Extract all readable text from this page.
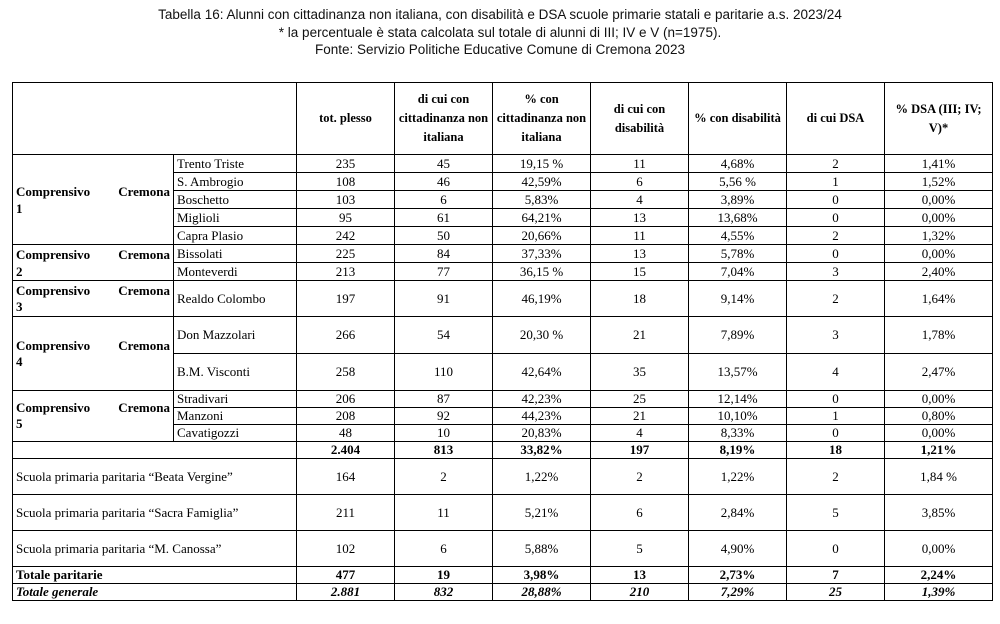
Tabella 16: Alunni con cittadinanza non italiana, con disabilità e DSA scuole primarie statali e paritarie a.s. 2023/24
* la percentuale è stata calcolata sul totale di alunni di III; IV e V (n=1975).
Fonte: Servizio Politiche Educative Comune di Cremona 2023
		tot. plesso	di cui con cittadinanza non italiana	% con cittadinanza non italiana	di cui con disabilità	% con disabilità	di cui DSA	% DSA (III; IV; V)*

Comprensivo Cremona
1	Trento Triste	235	45	19,15 %	11	4,68%	2	1,41%
	S. Ambrogio	108	46	42,59%	6	5,56 %	1	1,52%
	Boschetto	103	6	5,83%	4	3,89%	0	0,00%
	Miglioli	95	61	64,21%	13	13,68%	0	0,00%
	Capra Plasio	242	50	20,66%	11	4,55%	2	1,32%

Comprensivo Cremona
2	Bissolati	225	84	37,33%	13	5,78%	0	0,00%
	Monteverdi	213	77	36,15 %	15	7,04%	3	2,40%

Comprensivo Cremona
3	Realdo Colombo	197	91	46,19%	18	9,14%	2	1,64%

Comprensivo Cremona
4	Don Mazzolari	266	54	20,30 %	21	7,89%	3	1,78%
	B.M. Visconti	258	110	42,64%	35	13,57%	4	2,47%

Comprensivo Cremona
5	Stradivari	206	87	42,23%	25	12,14%	0	0,00%
	Manzoni	208	92	44,23%	21	10,10%	1	0,80%
	Cavatigozzi	48	10	20,83%	4	8,33%	0	0,00%
		2.404	813	33,82%	197	8,19%	18	1,21%
Scuola primaria paritaria “Beata Vergine”		164	2	1,22%	2	1,22%	2	1,84 %
Scuola primaria paritaria “Sacra Famiglia”		211	11	5,21%	6	2,84%	5	3,85%
Scuola primaria paritaria “M. Canossa”		102	6	5,88%	5	4,90%	0	0,00%
Totale paritarie		477	19	3,98%	13	2,73%	7	2,24%
Totale generale		2.881	832	28,88%	210	7,29%	25	1,39%
